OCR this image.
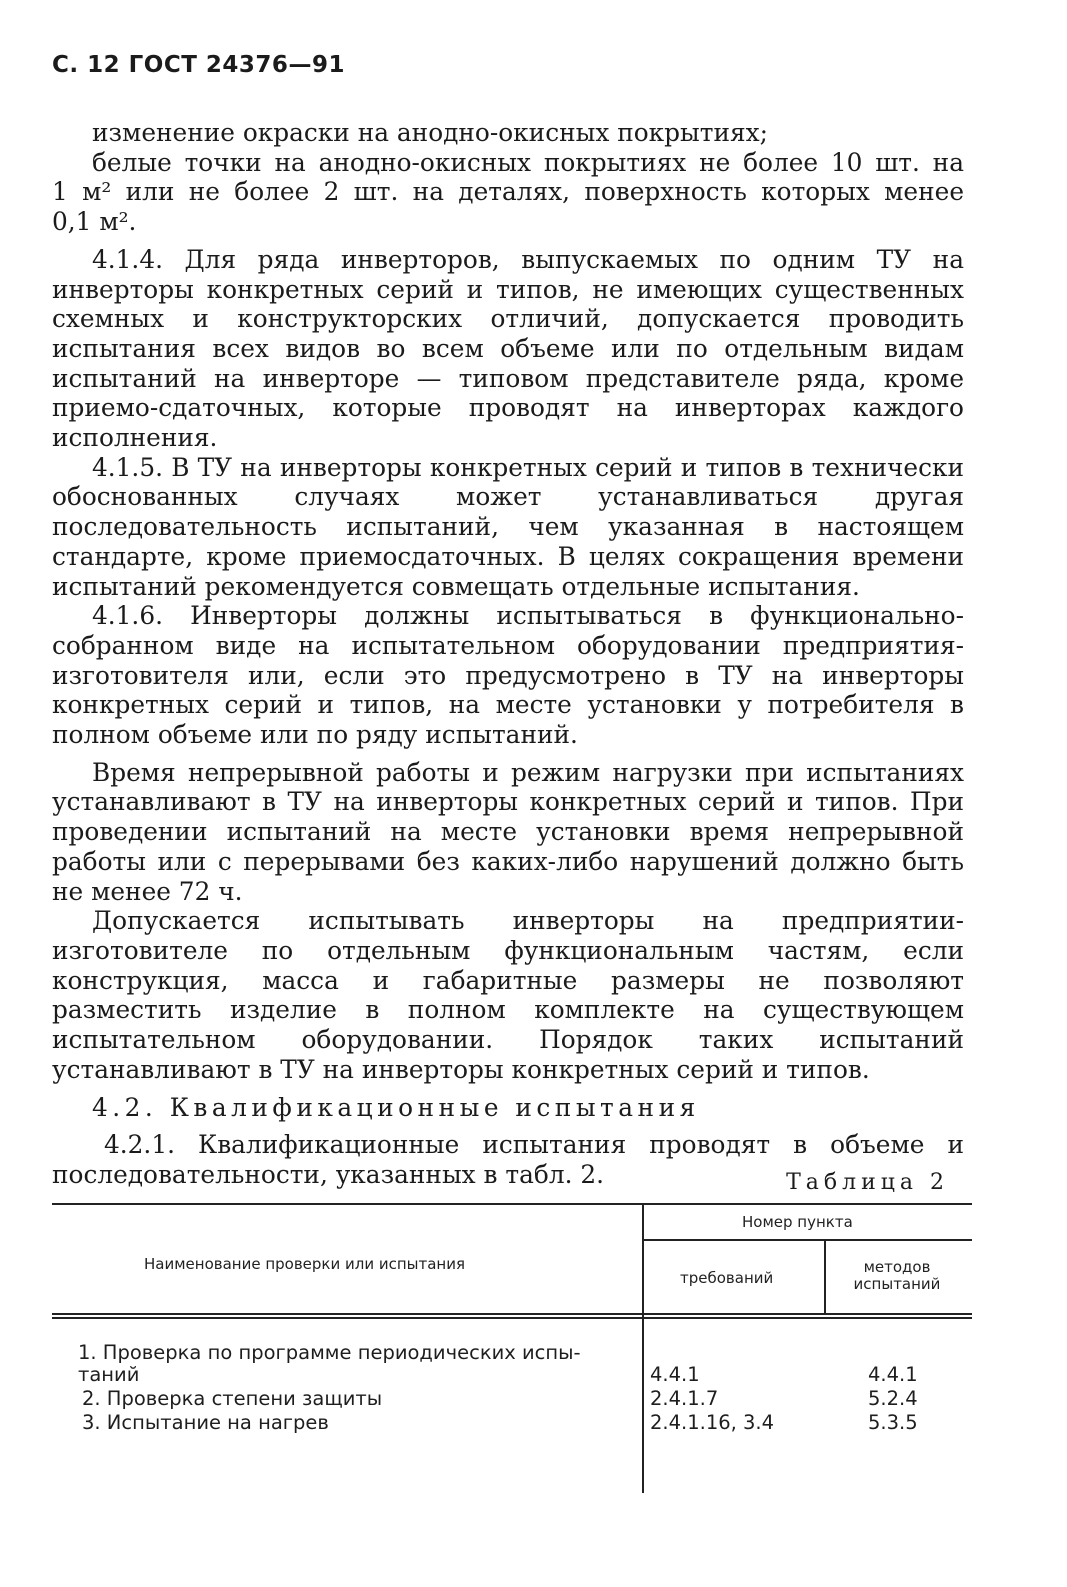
С. 12 ГОСТ 24376—91

изменение окраски на анодно-окисных покрытиях;

белые точки на анодно-окисных покрытиях не более 10 шт. на

1 м² или не более 2 шт. на деталях, поверхность которых менее

0,1 м².

4.1.4. Для ряда инверторов, выпускаемых по одним ТУ на инверторы конкретных серий и типов, не имеющих существенных схемных и конструкторских отличий, допускается проводить испытания всех видов во всем объеме или по отдельным видам испытаний на инверторе — типовом представителе ряда, кроме приемо-сдаточных, которые проводят на инверторах каждого исполнения.

4.1.5. В ТУ на инверторы конкретных серий и типов в технически обоснованных случаях может устанавливаться другая последовательность испытаний, чем указанная в настоящем стандарте, кроме приемосдаточных. В целях сокращения времени испытаний рекомендуется совмещать отдельные испытания.

4.1.6. Инверторы должны испытываться в функционально-собранном виде на испытательном оборудовании предприятия-изготовителя или, если это предусмотрено в ТУ на инверторы конкретных серий и типов, на месте установки у потребителя в полном объеме или по ряду испытаний.

Время непрерывной работы и режим нагрузки при испытаниях устанавливают в ТУ на инверторы конкретных серий и типов. При проведении испытаний на месте установки время непрерывной работы или с перерывами без каких-либо нарушений должно быть не менее 72 ч.

Допускается испытывать инверторы на предприятии-изготовителе по отдельным функциональным частям, если конструкция, масса и габаритные размеры не позволяют разместить изделие в полном комплекте на существующем испытательном оборудовании. Порядок таких испытаний устанавливают в ТУ на инверторы конкретных серий и типов.

4.2. Квалификационные испытания

4.2.1. Квалификационные испытания проводят в объеме и последовательности, указанных в табл. 2.	Таблица 2
Наименование проверки или испытания
Номер пункта
требований
методов испытаний
1. Проверка по программе периодических испы-
таний	4.4.1	4.4.1
2. Проверка степени защиты	2.4.1.7	5.2.4
3. Испытание на нагрев	2.4.1.16, 3.4	5.3.5
